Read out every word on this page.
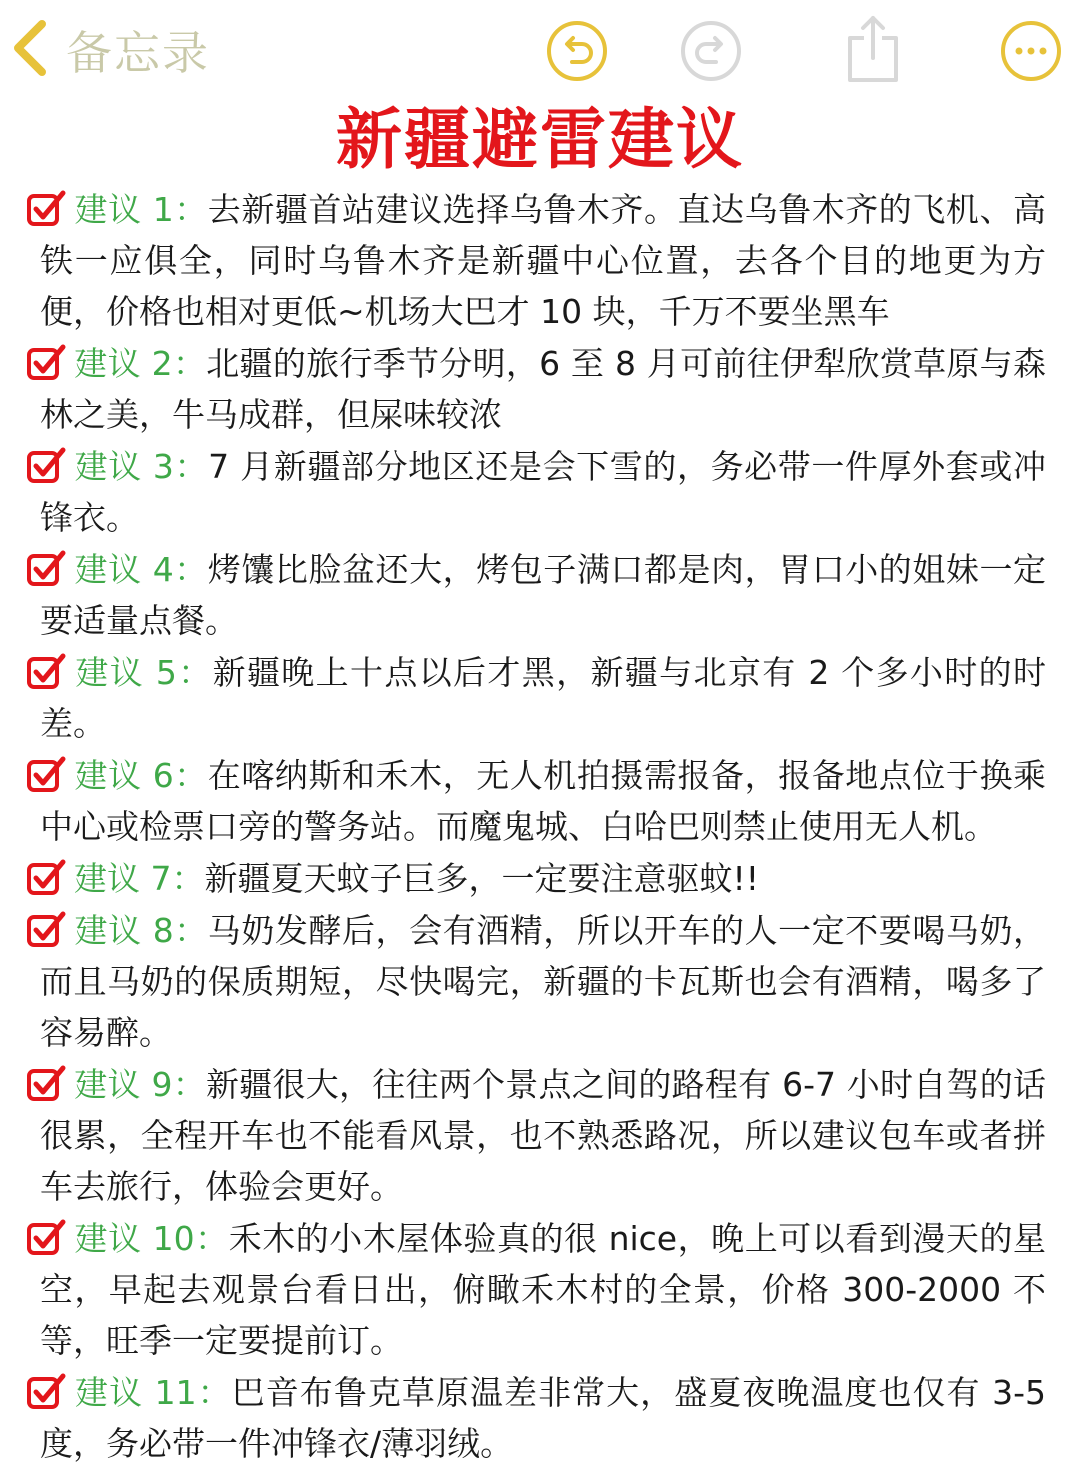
备忘录
新疆避雷建议

建议 1：去新疆首站建议选择乌鲁木齐。直达乌鲁木齐的飞机、高铁一应俱全，同时乌鲁木齐是新疆中心位置，去各个目的地更为方便，价格也相对更低~机场大巴才 10 块，千万不要坐黑车

建议 2：北疆的旅行季节分明，6 至 8 月可前往伊犁欣赏草原与森林之美，牛马成群，但屎味较浓

建议 3：7 月新疆部分地区还是会下雪的，务必带一件厚外套或冲锋衣。

建议 4：烤馕比脸盆还大，烤包子满口都是肉，胃口小的姐妹一定要适量点餐。

建议 5：新疆晚上十点以后才黑，新疆与北京有 2 个多小时的时差。

建议 6：在喀纳斯和禾木，无人机拍摄需报备，报备地点位于换乘中心或检票口旁的警务站。而魔鬼城、白哈巴则禁止使用无人机。

建议 7：新疆夏天蚊子巨多，一定要注意驱蚊!!

建议 8：马奶发酵后，会有酒精，所以开车的人一定不要喝马奶，而且马奶的保质期短，尽快喝完，新疆的卡瓦斯也会有酒精，喝多了容易醉。

建议 9：新疆很大，往往两个景点之间的路程有 6-7 小时自驾的话很累，全程开车也不能看风景，也不熟悉路况，所以建议包车或者拼车去旅行，体验会更好。

建议 10：禾木的小木屋体验真的很 nice，晚上可以看到漫天的星空，早起去观景台看日出，俯瞰禾木村的全景，价格 300-2000 不等，旺季一定要提前订。

建议 11：巴音布鲁克草原温差非常大，盛夏夜晚温度也仅有 3-5 度，务必带一件冲锋衣/薄羽绒。
